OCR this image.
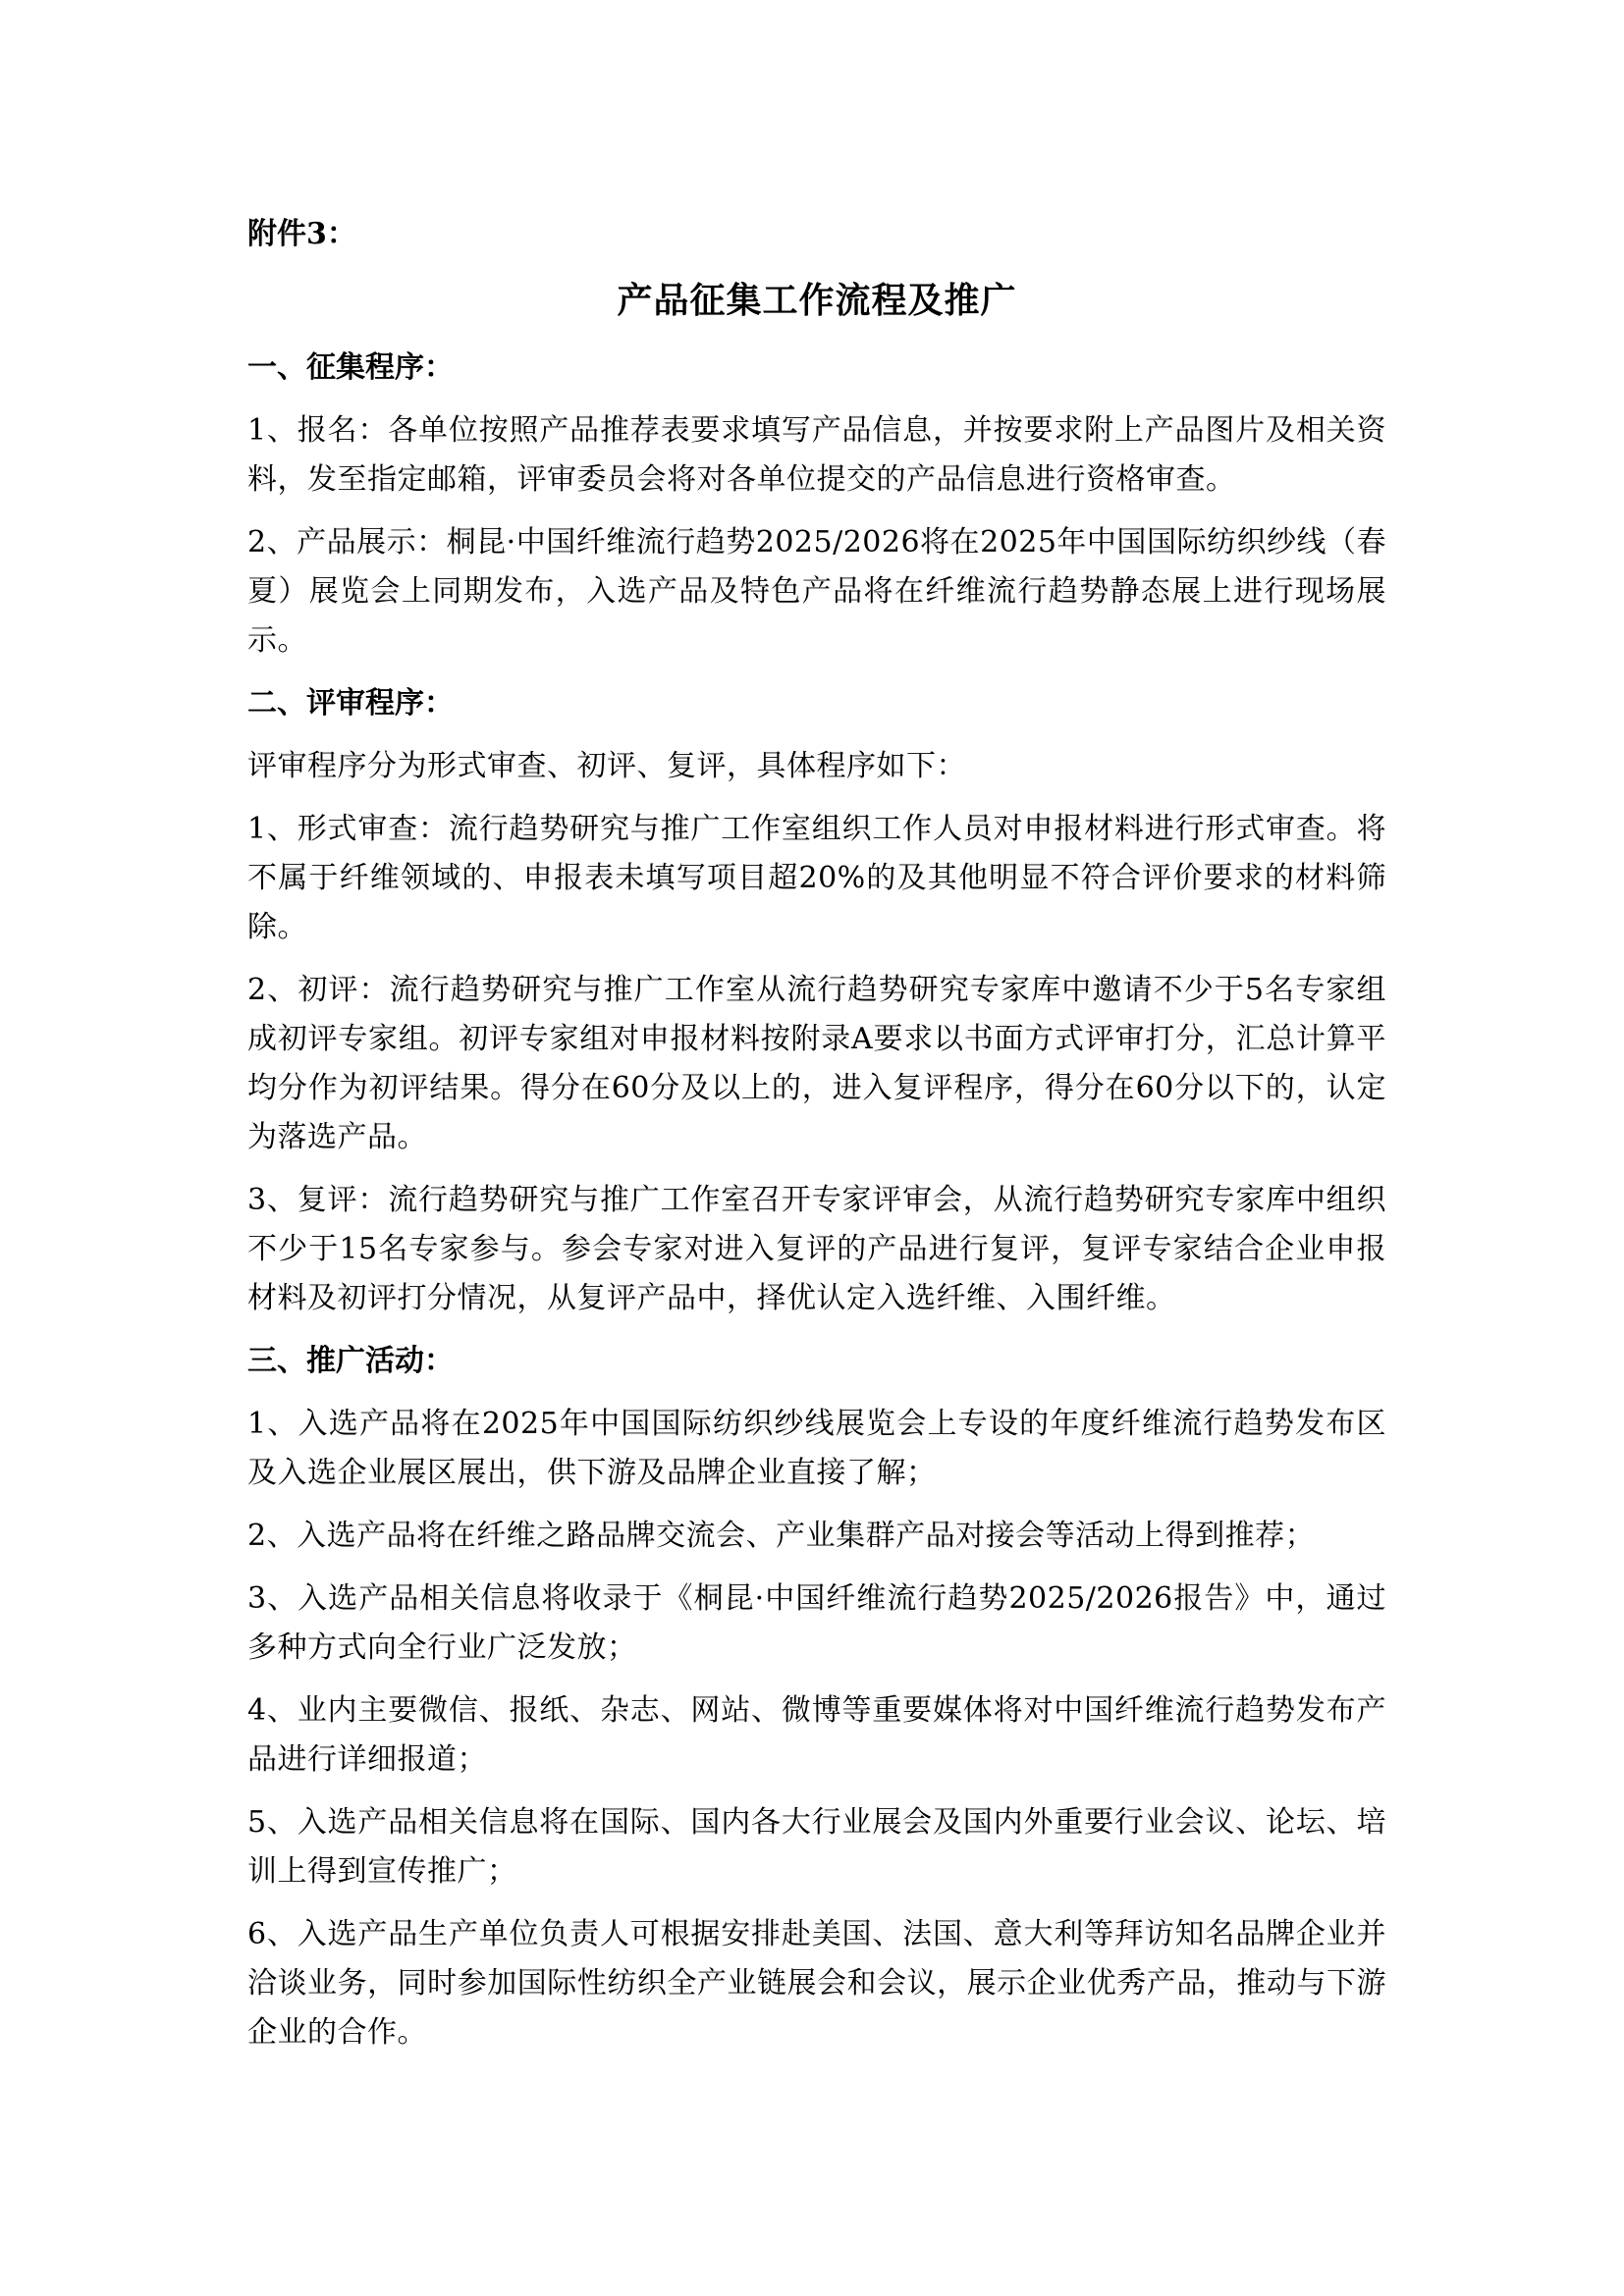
附件3：
产品征集工作流程及推广
一、征集程序：

1、报名：各单位按照产品推荐表要求填写产品信息，并按要求附上产品图片及相关资料，发至指定邮箱，评审委员会将对各单位提交的产品信息进行资格审查。

2、产品展示：桐昆·中国纤维流行趋势2025/2026将在2025年中国国际纺织纱线（春夏）展览会上同期发布，入选产品及特色产品将在纤维流行趋势静态展上进行现场展示。

二、评审程序：

评审程序分为形式审查、初评、复评，具体程序如下：

1、形式审查：流行趋势研究与推广工作室组织工作人员对申报材料进行形式审查。将不属于纤维领域的、申报表未填写项目超20%的及其他明显不符合评价要求的材料筛除。

2、初评：流行趋势研究与推广工作室从流行趋势研究专家库中邀请不少于5名专家组成初评专家组。初评专家组对申报材料按附录A要求以书面方式评审打分，汇总计算平均分作为初评结果。得分在60分及以上的，进入复评程序，得分在60分以下的，认定为落选产品。

3、复评：流行趋势研究与推广工作室召开专家评审会，从流行趋势研究专家库中组织不少于15名专家参与。参会专家对进入复评的产品进行复评，复评专家结合企业申报材料及初评打分情况，从复评产品中，择优认定入选纤维、入围纤维。

三、推广活动：

1、入选产品将在2025年中国国际纺织纱线展览会上专设的年度纤维流行趋势发布区及入选企业展区展出，供下游及品牌企业直接了解；

2、入选产品将在纤维之路品牌交流会、产业集群产品对接会等活动上得到推荐；

3、入选产品相关信息将收录于《桐昆·中国纤维流行趋势2025/2026报告》中，通过多种方式向全行业广泛发放；

4、业内主要微信、报纸、杂志、网站、微博等重要媒体将对中国纤维流行趋势发布产品进行详细报道；

5、入选产品相关信息将在国际、国内各大行业展会及国内外重要行业会议、论坛、培训上得到宣传推广；

6、入选产品生产单位负责人可根据安排赴美国、法国、意大利等拜访知名品牌企业并洽谈业务，同时参加国际性纺织全产业链展会和会议，展示企业优秀产品，推动与下游企业的合作。
